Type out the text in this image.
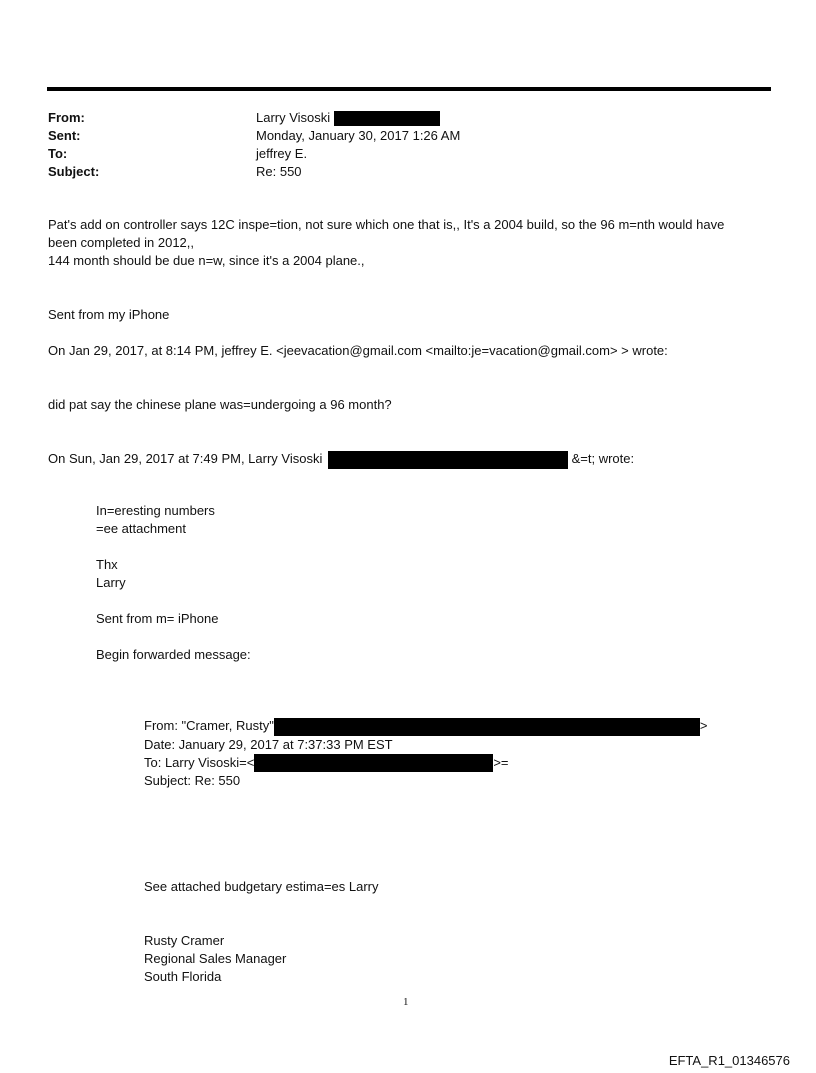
From:	Larry Visoski
Sent:	Monday, January 30, 2017 1:26 AM
To:	jeffrey E.
Subject:	Re: 550
Pat's add on controller says 12C inspe=tion, not sure which one that is,, It's a 2004 build, so the 96 m=nth would have
been completed in 2012,,
144 month should be due n=w, since it's a 2004 plane.,
Sent from my iPhone
On Jan 29, 2017, at 8:14 PM, jeffrey E. <jeevacation@gmail.com <mailto:je=vacation@gmail.com> > wrote:
did pat say the chinese plane was=undergoing a 96 month?
On Sun, Jan 29, 2017 at 7:49 PM, Larry Visoski	&=t; wrote:
In=eresting numbers
=ee attachment
Thx
Larry
Sent from m= iPhone
Begin forwarded message:
From: "Cramer, Rusty"	>
Date: January 29, 2017 at 7:37:33 PM EST
To: Larry Visoski=<	>=
Subject: Re: 550
See attached budgetary estima=es Larry
Rusty Cramer
Regional Sales Manager
South Florida
1
EFTA_R1_01346576
